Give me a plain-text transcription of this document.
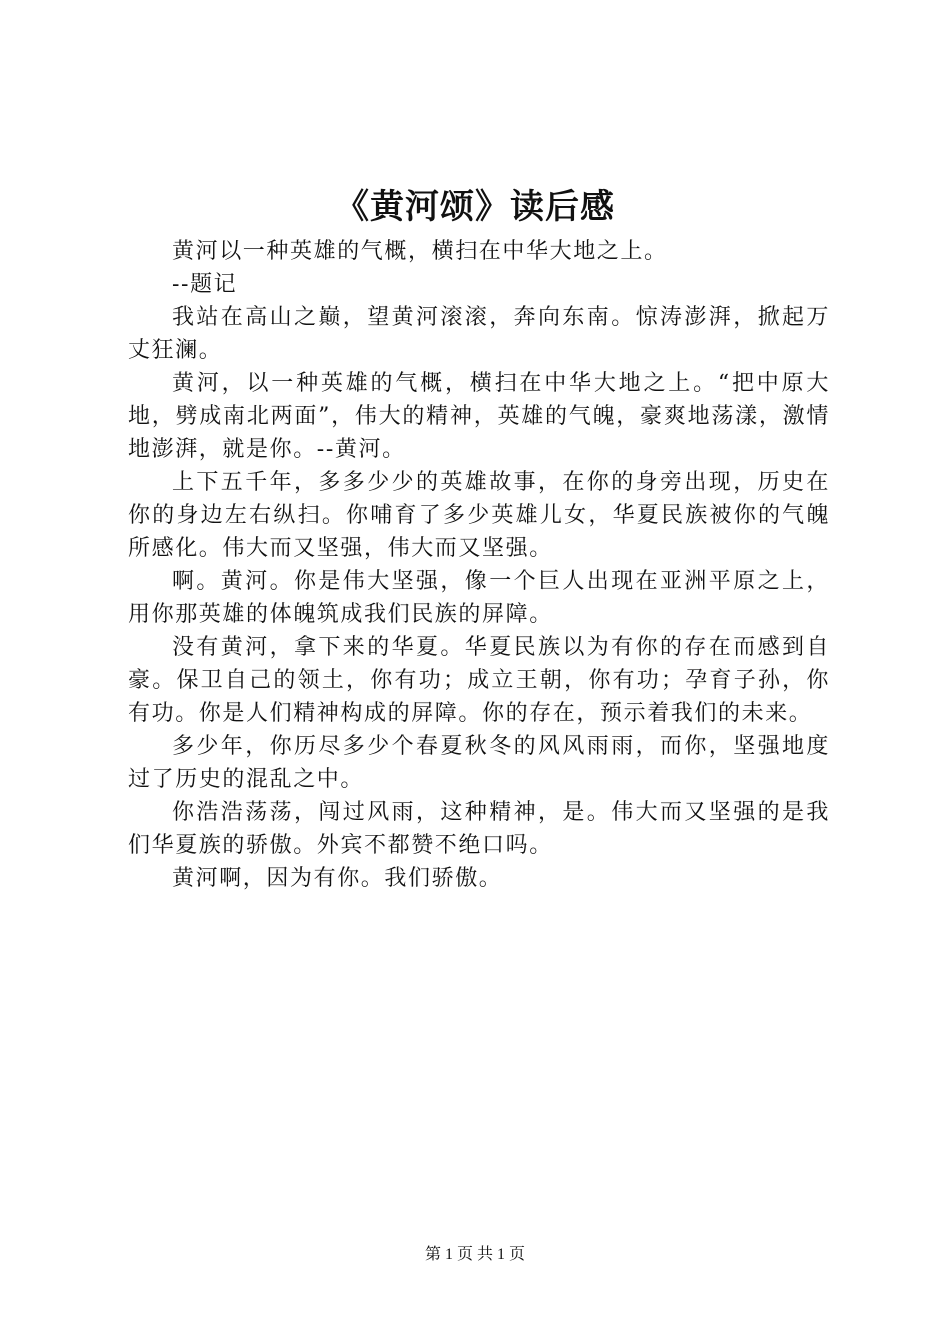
《黄河颂》读后感

黄河以一种英雄的气概，横扫在中华大地之上。

--题记

我站在高山之巅，望黄河滚滚，奔向东南。惊涛澎湃，掀起万丈狂澜。

黄河，以一种英雄的气概，横扫在中华大地之上。“把中原大地，劈成南北两面”，伟大的精神，英雄的气魄，豪爽地荡漾，激情地澎湃，就是你。--黄河。

上下五千年，多多少少的英雄故事，在你的身旁出现，历史在你的身边左右纵扫。你哺育了多少英雄儿女，华夏民族被你的气魄所感化。伟大而又坚强，伟大而又坚强。

啊。黄河。你是伟大坚强，像一个巨人出现在亚洲平原之上，用你那英雄的体魄筑成我们民族的屏障。

没有黄河，拿下来的华夏。华夏民族以为有你的存在而感到自豪。保卫自己的领土，你有功；成立王朝，你有功；孕育子孙，你有功。你是人们精神构成的屏障。你的存在，预示着我们的未来。

多少年，你历尽多少个春夏秋冬的风风雨雨，而你，坚强地度过了历史的混乱之中。

你浩浩荡荡，闯过风雨，这种精神，是。伟大而又坚强的是我们华夏族的骄傲。外宾不都赞不绝口吗。

黄河啊，因为有你。我们骄傲。

第 1 页 共 1 页
